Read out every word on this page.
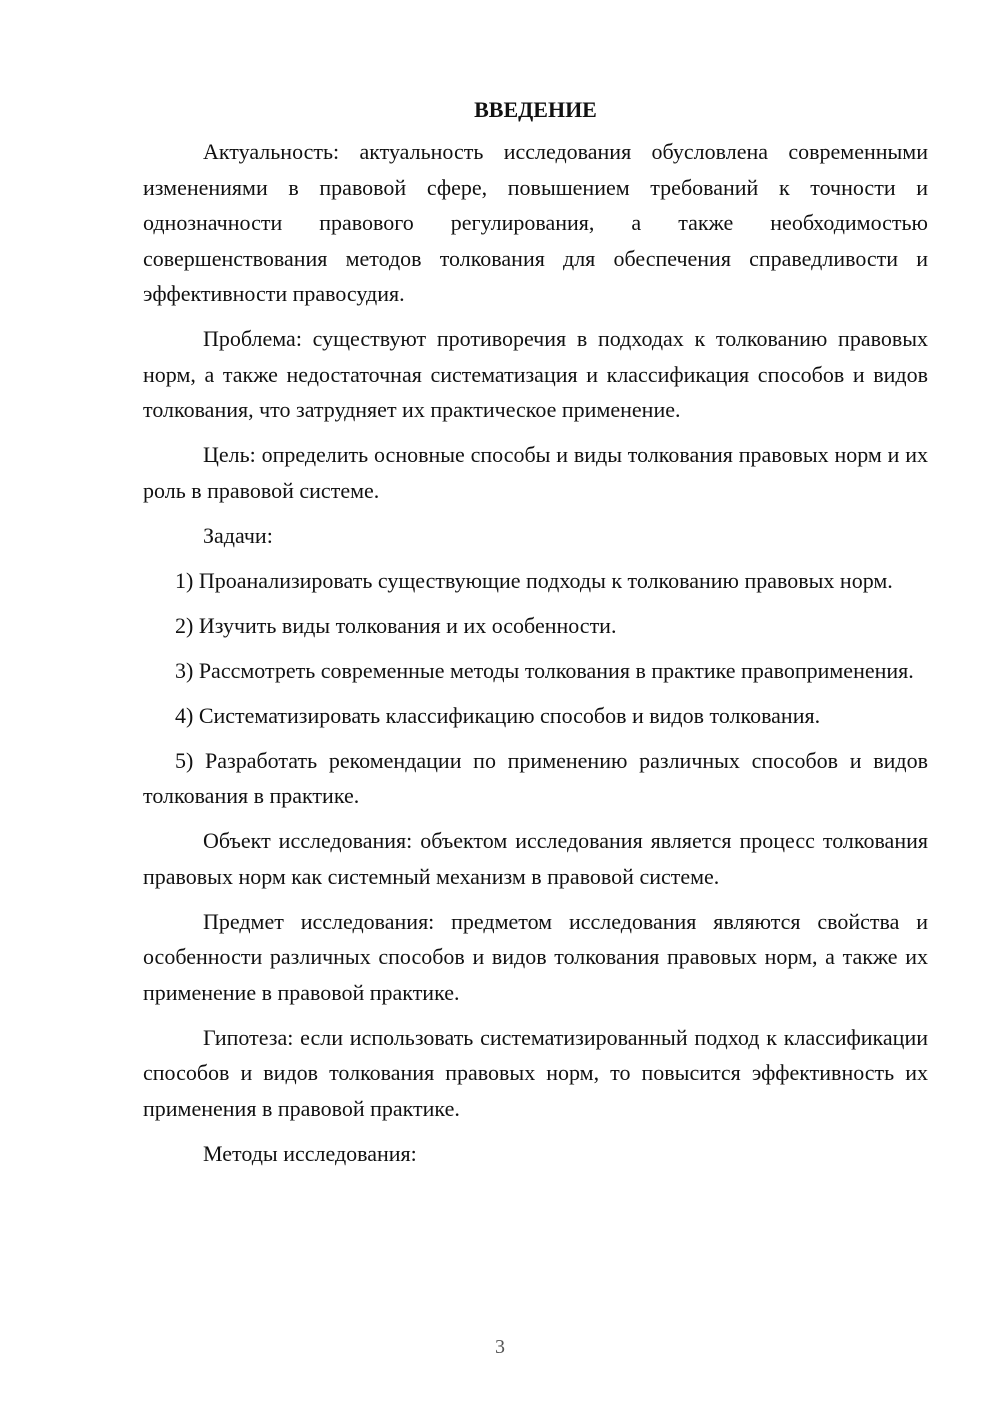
ВВЕДЕНИЕ

Актуальность: актуальность исследования обусловлена современными изменениями в правовой сфере, повышением требований к точности и однозначности правового регулирования, а также необходимостью совершенствования методов толкования для обеспечения справедливости и эффективности правосудия.

Проблема: существуют противоречия в подходах к толкованию правовых норм, а также недостаточная систематизация и классификация способов и видов толкования, что затрудняет их практическое применение.

Цель: определить основные способы и виды толкования правовых норм и их роль в правовой системе.

Задачи:

1) Проанализировать существующие подходы к толкованию правовых норм.

2) Изучить виды толкования и их особенности.

3) Рассмотреть современные методы толкования в практике правоприменения.

4) Систематизировать классификацию способов и видов толкования.

5) Разработать рекомендации по применению различных способов и видов толкования в практике.

Объект исследования: объектом исследования является процесс толкования правовых норм как системный механизм в правовой системе.

Предмет исследования: предметом исследования являются свойства и особенности различных способов и видов толкования правовых норм, а также их применение в правовой практике.

Гипотеза: если использовать систематизированный подход к классификации способов и видов толкования правовых норм, то повысится эффективность их применения в правовой практике.

Методы исследования:

3
